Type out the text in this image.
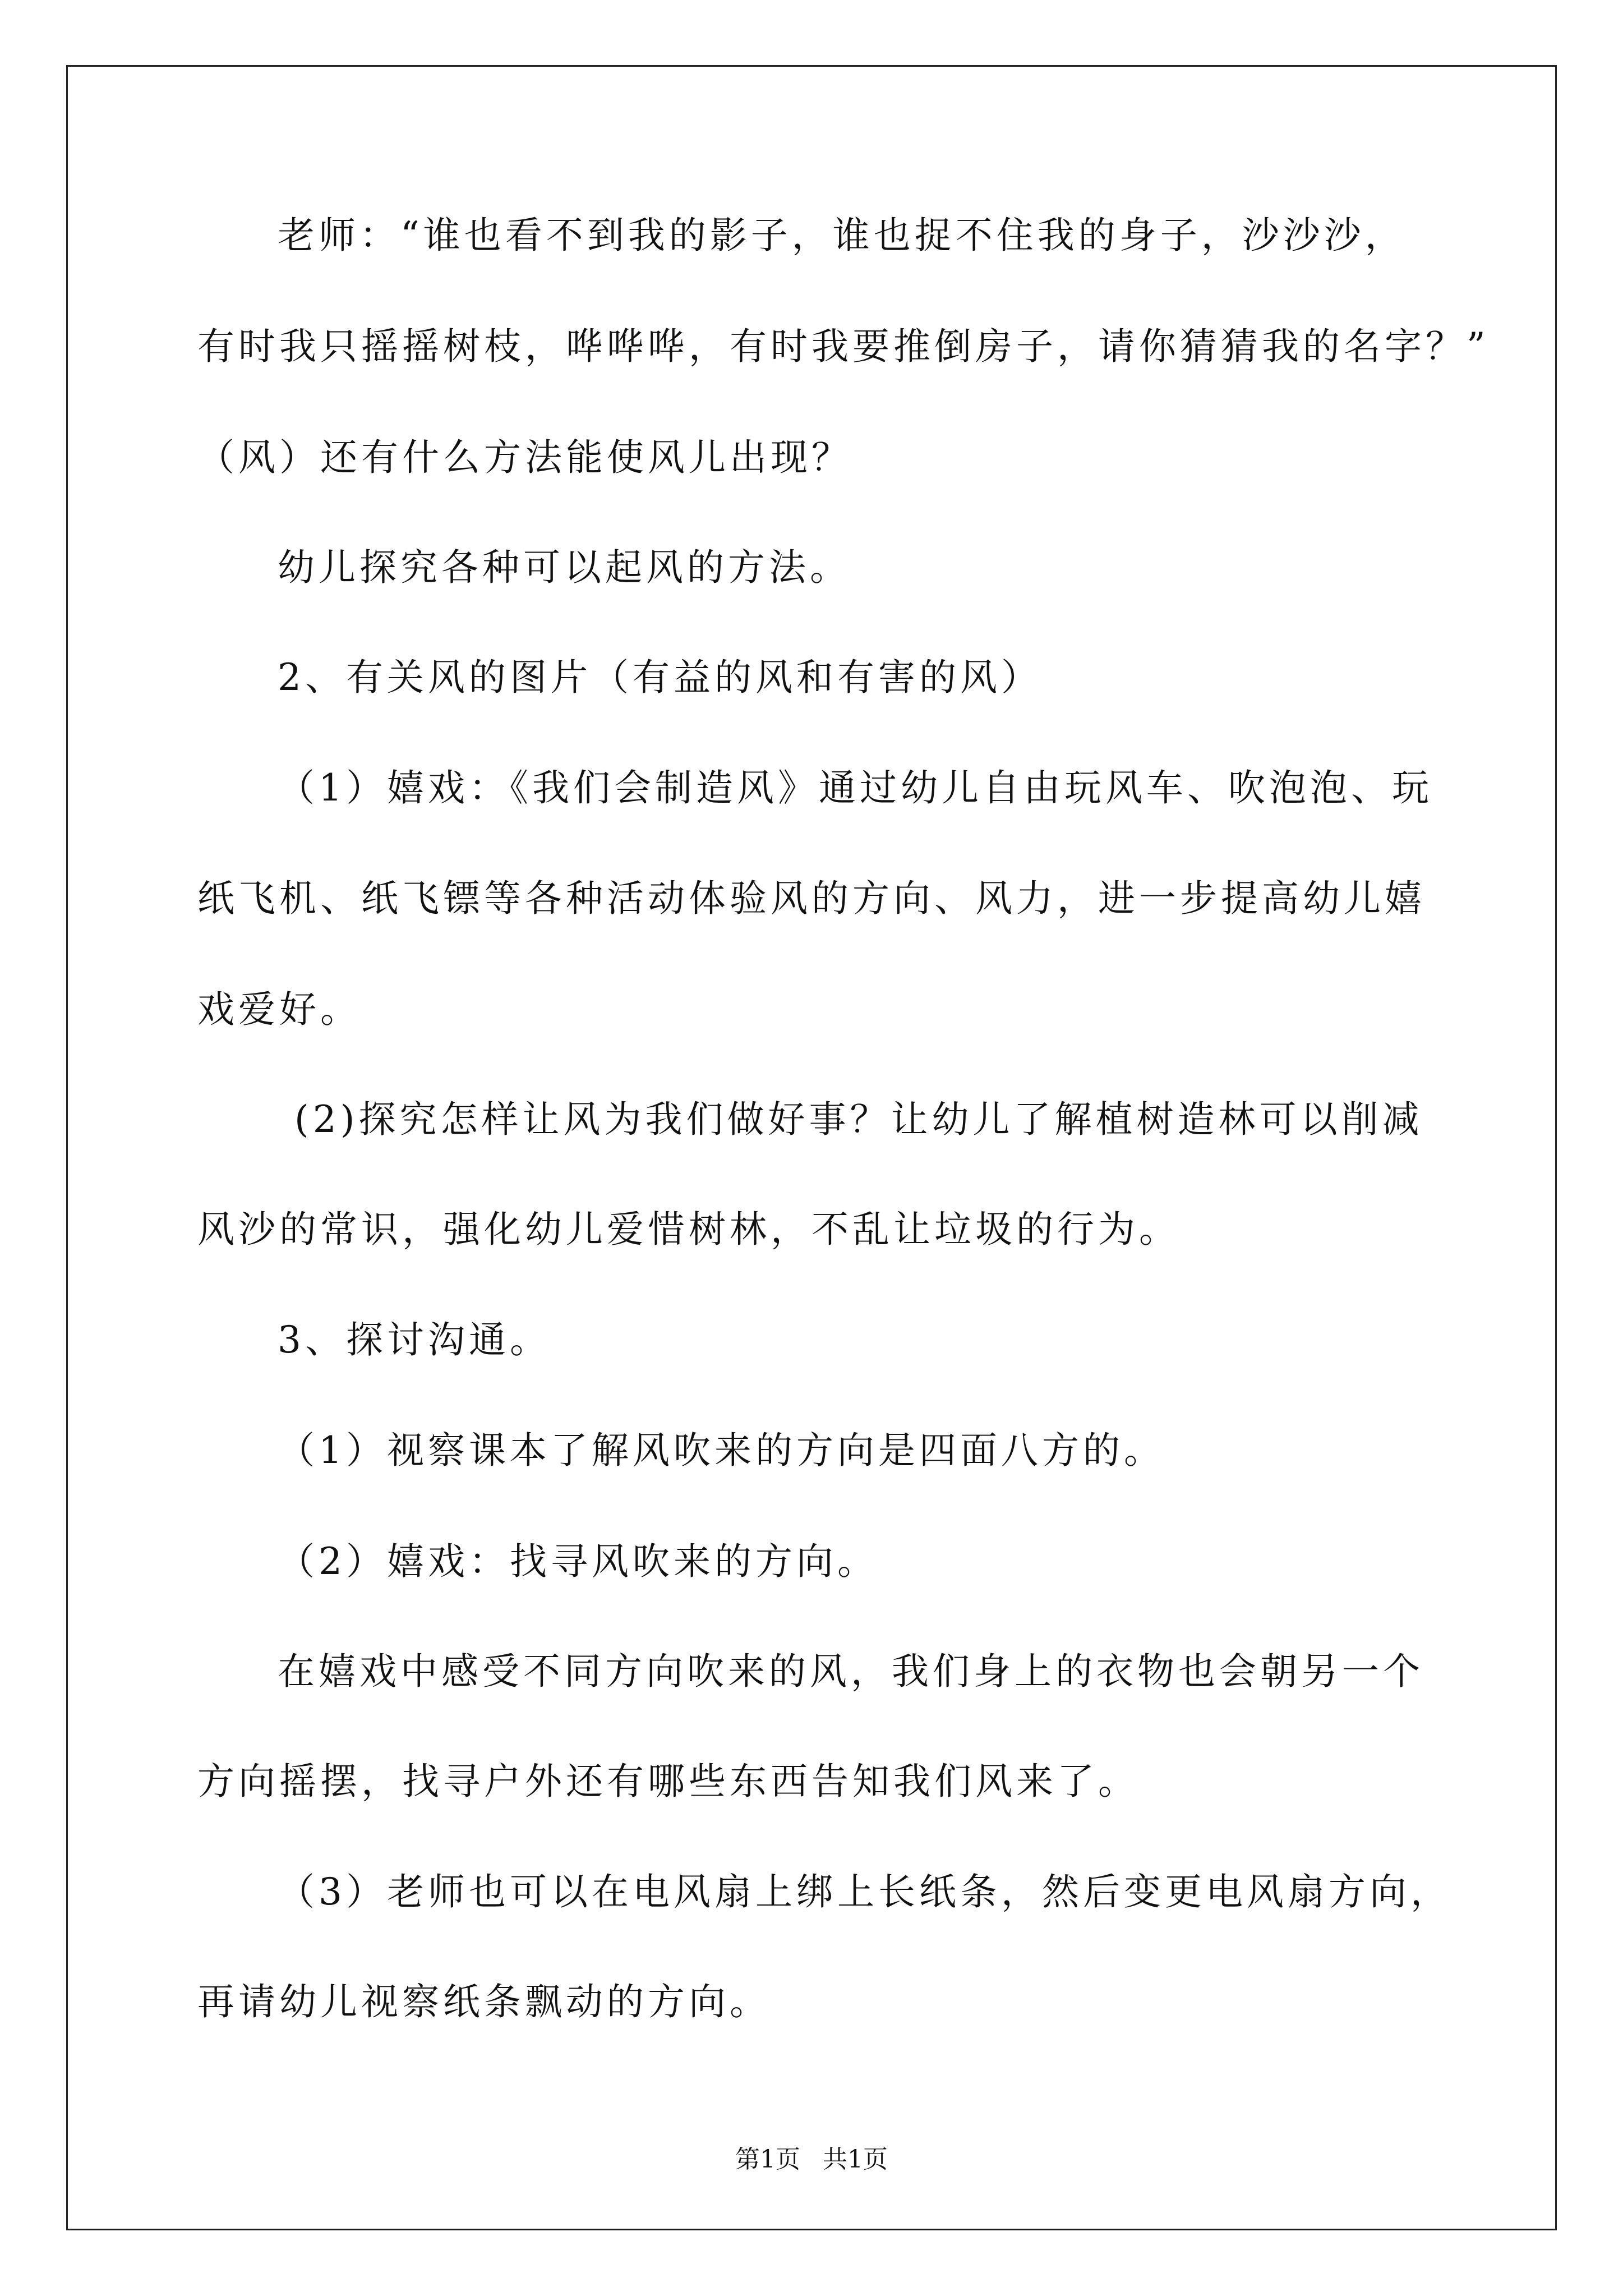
老师：“谁也看不到我的影子，谁也捉不住我的身子，沙沙沙，
有时我只摇摇树枝，哗哗哗，有时我要推倒房子，请你猜猜我的名字？”
（风）还有什么方法能使风儿出现？
幼儿探究各种可以起风的方法。
2、有关风的图片（有益的风和有害的风）
（1）嬉戏：《我们会制造风》通过幼儿自由玩风车、吹泡泡、玩
纸飞机、纸飞镖等各种活动体验风的方向、风力，进一步提高幼儿嬉
戏爱好。
(2)探究怎样让风为我们做好事？让幼儿了解植树造林可以削减
风沙的常识，强化幼儿爱惜树林，不乱让垃圾的行为。
3、探讨沟通。
（1）视察课本了解风吹来的方向是四面八方的。
（2）嬉戏：找寻风吹来的方向。
在嬉戏中感受不同方向吹来的风，我们身上的衣物也会朝另一个
方向摇摆，找寻户外还有哪些东西告知我们风来了。
（3）老师也可以在电风扇上绑上长纸条，然后变更电风扇方向，
再请幼儿视察纸条飘动的方向。
第1页 共1页
